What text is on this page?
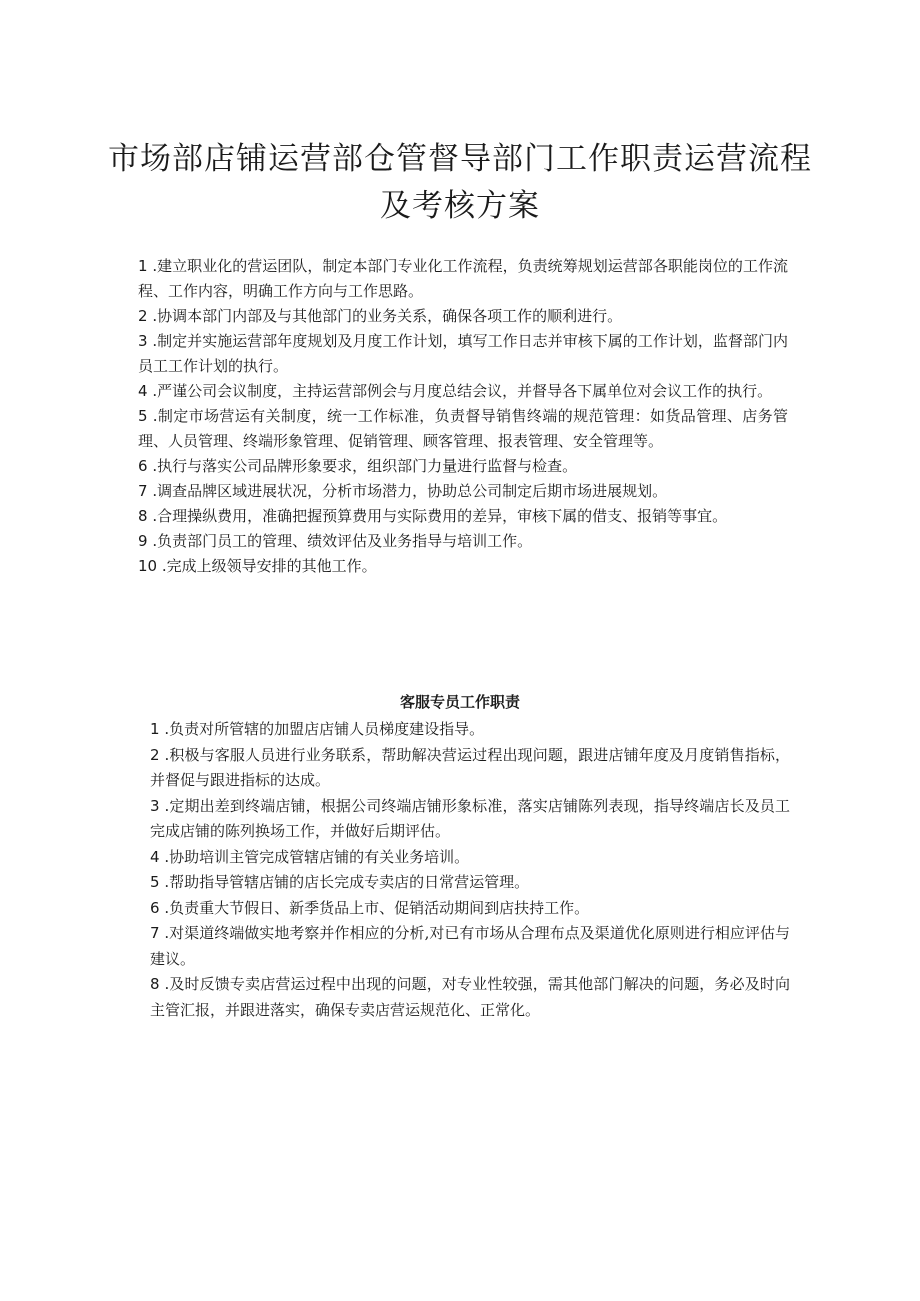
市场部店铺运营部仓管督导部门工作职责运营流程
及考核方案
1 .建立职业化的营运团队，制定本部门专业化工作流程，负责统筹规划运营部各职能岗位的工作流程、工作内容，明确工作方向与工作思路。
2 .协调本部门内部及与其他部门的业务关系，确保各项工作的顺利进行。
3 .制定并实施运营部年度规划及月度工作计划，填写工作日志并审核下属的工作计划，监督部门内员工工作计划的执行。
4 .严谨公司会议制度，主持运营部例会与月度总结会议，并督导各下属单位对会议工作的执行。
5 .制定市场营运有关制度，统一工作标准，负责督导销售终端的规范管理：如货品管理、店务管理、人员管理、终端形象管理、促销管理、顾客管理、报表管理、安全管理等。
6 .执行与落实公司品牌形象要求，组织部门力量进行监督与检查。
7 .调查品牌区域进展状况，分析市场潜力，协助总公司制定后期市场进展规划。
8 .合理操纵费用，准确把握预算费用与实际费用的差异，审核下属的借支、报销等事宜。
9 .负责部门员工的管理、绩效评估及业务指导与培训工作。
10 .完成上级领导安排的其他工作。
客服专员工作职责
1 .负责对所管辖的加盟店店铺人员梯度建设指导。
2 .积极与客服人员进行业务联系，帮助解决营运过程出现问题，跟进店铺年度及月度销售指标，并督促与跟进指标的达成。
3 .定期出差到终端店铺，根据公司终端店铺形象标准，落实店铺陈列表现，指导终端店长及员工完成店铺的陈列换场工作，并做好后期评估。
4 .协助培训主管完成管辖店铺的有关业务培训。
5 .帮助指导管辖店铺的店长完成专卖店的日常营运管理。
6 .负责重大节假日、新季货品上市、促销活动期间到店扶持工作。
7 .对渠道终端做实地考察并作相应的分析,对已有市场从合理布点及渠道优化原则进行相应评估与建议。
8 .及时反馈专卖店营运过程中出现的问题，对专业性较强，需其他部门解决的问题，务必及时向主管汇报，并跟进落实，确保专卖店营运规范化、正常化。
